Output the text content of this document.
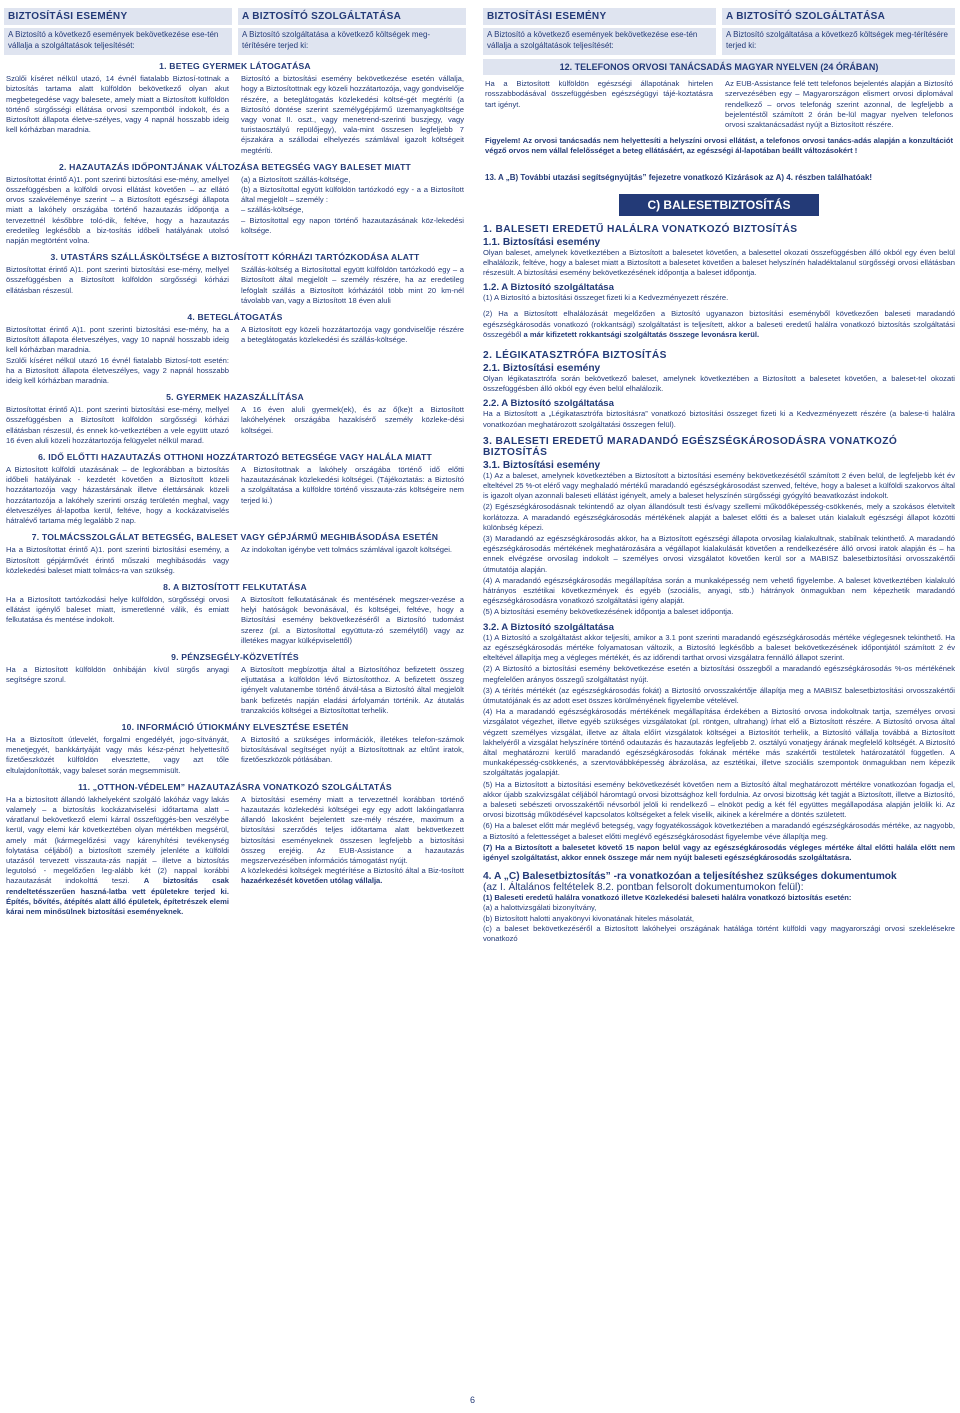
BIZTOSÍTÁSI ESEMÉNY
A Biztosító a következő események bekövetkezése ese-tén vállalja a szolgáltatások teljesítését:
A BIZTOSÍTÓ SZOLGÁLTATÁSA
A Biztosító szolgáltatása a következő költségek meg-térítésére terjed ki:
1. BETEG GYERMEK LÁTOGATÁSA
Szülői kíséret nélkül utazó, 14 évnél fiatalabb Biztosí-tottnak a biztosítás tartama alatt külföldön bekövetkező olyan akut megbetegedése vagy balesete, amely miatt a Biztosított külföldön történő sürgősségi ellátása orvosi szempontból indokolt, és a Biztosított állapota életve-szélyes, vagy 4 napnál hosszabb ideig kell kórházban maradnia.
Biztosító a biztosítási esemény bekövetkezése esetén vállalja, hogy a Biztosítottnak egy közeli hozzátartozója, vagy gondviselője részére, a beteglátogatás közlekedési költsé-gét megtéríti (a Biztosító döntése szerint személygépjármű üzemanyagköltsége vagy vonat II. oszt., vagy menetrend-szerinti buszjegy, vagy turistaosztályú repülőjegy), vala-mint összesen legfeljebb 7 éjszakára a szállodai elhelyezés számlával igazolt költségeit megtéríti.
2. HAZAUTAZÁS IDŐPONTJÁNAK VÁLTOZÁSA BETEGSÉG VAGY BALESET MIATT
Biztosítottat érintő A)1. pont szerinti biztosítási ese-mény, amellyel összefüggésben a külföldi orvosi ellátást követően – az ellátó orvos szakvéleménye szerint – a Biztosított egészségi állapota miatt a lakóhely országába történő hazautazás időpontja a tervezettnél későbbre toló-dik, feltéve, hogy a hazautazás eredetileg legkésőbb a biz-tosítás időbeli hatályának utolsó napján megtörtént volna.
(a) a Biztosított szállás-költsége,
(b) a Biztosítottal együtt külföldön tartózkodó egy - a a Biztosított által megjelölt – személy :
– szállás-költsége,
– Biztosítottal egy napon történő hazautazásának köz-lekedési költsége.
3. UTASTÁRS SZÁLLÁSKÖLTSÉGE A BIZTOSÍTOTT KÓRHÁZI TARTÓZKODÁSA ALATT
Biztosítottat érintő A)1. pont szerinti biztosítási ese-mény, mellyel összefüggésben a Biztosított külföldön sürgősségi kórházi ellátásban részesül.
Szállás-költség a Biztosítottal együtt külföldön tartózkodó egy – a Biztosított által megjelölt – személy részére, ha az eredetileg leföglalt szállás a Biztosított kórházától több mint 20 km-nél távolabb van, vagy a Biztosított 18 éven aluli
4. BETEGLÁTOGATÁS
Biztosítottat érintő A)1. pont szerinti biztosítási ese-mény, ha a Biztosított állapota életveszélyes, vagy 10 napnál hosszabb ideig kell kórházban maradnia.
Szülői kíséret nélkül utazó 16 évnél fiatalabb Biztosí-tott esetén: ha a Biztosított állapota életveszélyes, vagy 2 napnál hosszabb ideig kell kórházban maradnia.
A Biztosított egy közeli hozzátartozója vagy gondviselője részére a beteglátogatás közlekedési és szállás-költsége.
5. GYERMEK HAZASZÁLLÍTÁSA
Biztosítottat érintő A)1. pont szerinti biztosítási ese-mény, mellyel összefüggésben a Biztosított külföldön sürgősségi kórházi ellátásban részesül, és ennek kö-vetkeztében a vele együtt utazó 16 éven aluli közeli hozzátartozója felügyelet nélkül marad.
A 16 éven aluli gyermek(ek), és az ő(ke)t a Biztosított lakóhelyének országába hazakísérő személy közleke-dési költségei.
6. IDŐ ELŐTTI HAZAUTAZÁS OTTHONI HOZZÁTARTOZÓ BETEGSÉGE VAGY HALÁLA MIATT
A Biztosított külföldi utazásának – de legkorábban a biztosítás időbeli hatályának - kezdetét követően a Biztosított közeli hozzátartozója vagy házastársának illetve élettársának közeli hozzátartozója a lakóhely szerinti ország területén meghal, vagy életveszélyes ál-lapotba kerül, feltéve, hogy a kockázatviselés hátralévő tartama még legalább 2 nap.
A Biztosítottnak a lakóhely országába történő idő előtti hazautazásának közlekedési költségei. (Tájékoztatás: a Biztosító a szolgáltatása a külföldre történő visszauta-zás költségeire nem terjed ki.)
7. TOLMÁCSSZOLGÁLAT BETEGSÉG, BALESET VAGY GÉPJÁRMŰ MEGHIBÁSODÁSA ESETÉN
Ha a Biztosítottat érintő A)1. pont szerinti biztosítási esemény, a Biztosított gépjárművét érintő műszaki meghibásodás vagy közlekedési baleset miatt tolmács-ra van szükség.
Az indokoltan igénybe vett tolmács számlával igazolt költségei.
8. A BIZTOSÍTOTT FELKUTATÁSA
Ha a Biztosított tartózkodási helye külföldön, sürgősségi orvosi ellátást igénylő baleset miatt, ismeretlenné válik, és emiatt felkutatása és mentése indokolt.
A Biztosított felkutatásának és mentésének megszer-vezése a helyi hatóságok bevonásával, és költségei, feltéve, hogy a Biztosítási esemény bekövetkezéséről a Biztosító tudomást szerez (pl. a Biztosítottal együttuta-zó személytől) vagy az illetékes magyar külképviselettől)
9. PÉNZSEGÉLY-KÖZVETÍTÉS
Ha a Biztosított külföldön önhibáján kívül sürgős anyagi segítségre szorul.
A Biztosított megbízottja által a Biztosítóhoz befizetett összeg eljuttatása a külföldön lévő Biztosítotthoz. A befizetett összeg igényelt valutanembe történő átvál-tása a Biztosító által megjelölt bank befizetés napján eladási árfolyamán történik. Az átutalás tranzakciós költségei a Biztosítottat terhelik.
10. INFORMÁCIÓ ÚTIOKMÁNY ELVESZTÉSE ESETÉN
Ha a Biztosított útlevelét, forgalmi engedélyét, jogo-sítványát, menetjegyét, bankkártyáját vagy más kész-pénzt helyettesítő fizetőeszközét külföldön elvesztette, vagy azt tőle eltulajdonították, vagy baleset során megsemmisült.
A Biztosító a szükséges információk, illetékes telefon-számok biztosításával segítséget nyújt a Biztosítottnak az eltűnt iratok, fizetőeszközök pótlásában.
11. „OTTHON-VÉDELEM” HAZAUTAZÁSRA VONATKOZÓ SZOLGÁLTATÁS
Ha a biztosított állandó lakhelyeként szolgáló lakóház vagy lakás valamely – a biztosítás kockázatviselési időtartama alatt – váratlanul bekövetkező elemi kárral összefüggés-ben veszélybe kerül, vagy elemi kár következtében olyan mértékben megsérül, amely mát (kármegelőzési vagy kárenyhítési tevékenység folytatása céljából) a biztosított személy jelenléte a külföldi utazásól tervezett visszauta-zás napját – illetve a biztosítás legutolsó - megelőzően leg-alább két (2) nappal korábbi hazautazását indokolttá teszi. A biztosítás csak rendeltetésszerűen haszná-latba vett épületekre terjed ki. Építés, bővítés, átépítés alatt álló épületek, építetrészek elemi kárai nem minősülnek biztosítási eseményeknek.
A biztosítási esemény miatt a tervezettnél korábban történő hazautazás közlekedési költségei egy egy adott lakóingatlanra állandó lakosként bejelentett sze-mély részére, maximum a biztosítási szerződés teljes időtartama alatt bekövetkezett biztosítási eseményeknek összesen legfeljebb a biztosítási összeg erejéig. Az EUB-Assistance a hazautazás megszervezésében információs támogatást nyújt.
A közlekedési költségek megtérítése a Biztosító által a Biz-tosított hazaérkezését követően utólag vállalja.
BIZTOSÍTÁSI ESEMÉNY
A Biztosító a következő események bekövetkezése ese-tén vállalja a szolgáltatások teljesítését:
A BIZTOSÍTÓ SZOLGÁLTATÁSA
A Biztosító szolgáltatása a következő költségek meg-térítésére terjed ki:
12. TELEFONOS ORVOSI TANÁCSADÁS MAGYAR NYELVEN (24 ÓRÁBAN)
Ha a Biztosított külföldön egészségi állapotának hirtelen rosszabbodásával összefüggésben egészségügyi tájé-koztatásra tart igényt.
Az EUB-Assistance felé tett telefonos bejelentés alapján a Biztosító szervezésében egy – Magyarországon elismert orvosi diplomával rendelkező – orvos telefonág szerint azonnal, de legfeljebb a bejelentéstől számított 2 órán be-lül magyar nyelven telefonos orvosi szaktanácsadást nyújt a Biztosított részére.
Figyelem! Az orvosi tanácsadás nem helyettesíti a helyszíni orvosi ellátást, a telefonos orvosi tanács-adás alapján a konzultációt végző orvos nem vállal felelősséget a beteg ellátásáért, az egészségi ál-lapotában beállt változásokért !
13. A „B) További utazási segítségnyújtás” fejezetre vonatkozó Kizárások az A) 4. részben találhatóak!
C) BALESETBIZTOSÍTÁS
1. BALESETI EREDETŰ HALÁLRA VONATKOZÓ BIZTOSÍTÁS
1.1. Biztosítási esemény
Olyan baleset, amelynek következtében a Biztosított a balesetet követően, a balesettel okozati összefüggésben álló okból egy éven belül elhalálozik, feltéve, hogy a baleset miatt a Biztosított a balesetet követően a baleset helyszínén haladéktalanul sürgősségi orvosi ellátásban részesült. A biztosítási esemény bekövetkezésének időpontja a baleset időpontja.
1.2. A Biztosító szolgáltatása
(1) A Biztosító a biztosítási összeget fizeti ki a Kedvezményezett részére.
(2) Ha a Biztosított elhalálozását megelőzően a Biztosító ugyanazon biztosítási eseményből következően baleseti maradandó egészségkárosodás vonatkozó (rokkantsági) szolgáltatást is teljesített, akkor a baleseti eredetű halálra vonatkozó biztosítás szolgáltatási összegéből a már kifizetett rokkantsági szolgáltatás összege levonásra kerül.
2. LÉGIKATASZTRÓFA BIZTOSÍTÁS
2.1. Biztosítási esemény
Olyan légikatasztrófa során bekövetkező baleset, amelynek következtében a Biztosított a balesetet követően, a baleset-tel okozati összefüggésben álló okból egy éven belül elhalálozik.
2.2. A Biztosító szolgáltatása
Ha a Biztosított a „Légikatasztrófa biztosításra” vonatkozó biztosítási összeget fizeti ki a Kedvezményezett részére (a balese-ti halálra vonatkozóan meghatározott szolgáltatási összegen felül).
3. BALESETI EREDETŰ MARADANDÓ EGÉSZSÉGKÁROSODÁSRA VONATKOZÓ BIZTOSÍTÁS
3.1. Biztosítási esemény
(1) Az a baleset, amelynek következtében a Biztosított a biztosítási esemény bekövetkezésétől számított 2 éven belül, de legfeljebb két év elteltével 25 %-ot elérő vagy meghaladó mértékű maradandó egészségkárosodást szenved, feltéve, hogy a baleset a külföldi szakorvos által is igazolt olyan azonnali baleseti ellátást igényelt, amely a baleset helyszínén sürgősségi gyógyító beavatkozást indokolt.
(2) Egészségkárosodásnak tekintendő az olyan állandósult testi és/vagy szellemi működőképesség-csökkenés, mely a szokásos életvitelt korlátozza. A maradandó egészségkárosodás mértékének alapját a baleset előtti és a baleset után kialakult egészségi állapot közötti különbség képezi.
(3) Maradandó az egészségkárosodás akkor, ha a Biztosított egészségi állapota orvosilag kialakultnak, stabilnak tekinthető. A maradandó egészségkárosodás mértékének meghatározására a végállapot kialakulását követően a rendelkezésére álló orvosi iratok alapján és – ha ennek elvégzése orvosilag indokolt – személyes orvosi vizsgálatot követően kerül sor a MABISZ balesetbiztosítási orvosszakértői útmutatója alapján.
(4) A maradandó egészségkárosodás megállapítása során a munkaképesség nem vehető figyelembe. A baleset következtében kialakuló hátrányos esztétikai következmények és egyéb (szociális, anyagi, stb.) hátrányok önmagukban nem képezhetik maradandó egészségkárosodásra vonatkozó szolgáltatási igény alapját.
(5) A biztosítási esemény bekövetkezésének időpontja a baleset időpontja.
3.2. A Biztosító szolgáltatása
(1) A Biztosító a szolgáltatást akkor teljesíti, amikor a 3.1 pont szerinti maradandó egészségkárosodás mértéke véglegesnek tekinthető. Ha az egészségkárosodás mértéke folyamatosan változik, a Biztosító legkésőbb a baleset bekövetkezésének időpontjától számított 2 év elteltével állapítja meg a végleges mértékét, és az időrendi tarthat orvosi vizsgálatra fennálló állapot szerint.
(2) A Biztosító a biztosítási esemény bekövetkezése esetén a biztosítási összegből a maradandó egészségkárosodás %-os mértékének megfelelően arányos összegű szolgáltatást nyújt.
(3) A térítés mértékét (az egészségkárosodás fokát) a Biztosító orvosszakértője állapítja meg a MABISZ balesetbiztosítási orvosszakértői útmutatójának és az adott eset összes körülményének figyelembe vételével.
(4) Ha a maradandó egészségkárosodás mértékének megállapítása érdekében a Biztosító orvosa indokoltnak tartja, személyes orvosi vizsgálatot végezhet, illetve egyéb szükséges vizsgálatokat (pl. röntgen, ultrahang) írhat elő a Biztosított részére. A Biztosító orvosa által végzett személyes vizsgálat, illetve az általa előírt vizsgálatok költségei a Biztosítót terhelik, a Biztosító vállalja továbbá a Biztosított lakhelyéről a vizsgálat helyszínére történő odautazás és hazautazás legfeljebb 2. osztályú vonatjegy árának megfelelő költségét. A Biztosító által meghatározni kerülő maradandó egészségkárosodás fokának mértéke más szakértői testületek határozatától független. A munkaképesség-csökkenés, a szervtovábbképesség ábrázolása, az esztétikai, illetve szociális szempontok önmagukban nem képezik szolgáltatás jogalapját.
(5) Ha a Biztosított a biztosítási esemény bekövetkezését követően nem a Biztosító által meghatározott mértékre vonatkozóan fogadja el, akkor újabb szakvizsgálat céljából háromtagú orvosi bizottsághoz kell fordulnia. Az orvosi bizottság két tagját a Biztosított, illetve a Biztosító, a baleseti sebészeti orvosszakértői névsorból jelöli ki rendelkező – elnököt pedig a két fél együttes megállapodása alapján jelölik ki. Az orvosi bizottság működésével kapcsolatos költségeket a felek viselik, aikinek a kérelmére a döntés született.
(6) Ha a baleset előtt már meglévő betegség, vagy fogyatékosságok következtében a maradandó egészségkárosodás mértéke, az nagyobb, a Biztosító a felettességet a baleset előtti meglévő egészségkárosodást figyelembe véve állapítja meg.
(7) Ha a Biztosított a balesetet követő 15 napon belül vagy az egészségkárosodás végleges mértéke által előtti halála előtt nem igényel szolgáltatást, akkor ennek összege már nem nyújt baleseti egészségkárosodás szolgáltatásra.
4. A „C) Balesetbiztosítás” -ra vonatkozóan a teljesítéshez szükséges dokumentumok
(az I. Általános feltételek 8.2. pontban felsorolt dokumentumokon felül):
(1) Baleseti eredetű halálra vonatkozó illetve Közlekedési baleseti halálra vonatkozó biztosítás esetén:
(a) a halottvizsgálati bizonyítvány,
(b) Biztosított halotti anyakönyvi kivonatának hiteles másolatát,
(c) a baleset bekövetkezéséről a Biztosított lakóhelyei országának hatálága történt külföldi vagy magyarországi orvosi szeklelésekre vonatkozó
6
